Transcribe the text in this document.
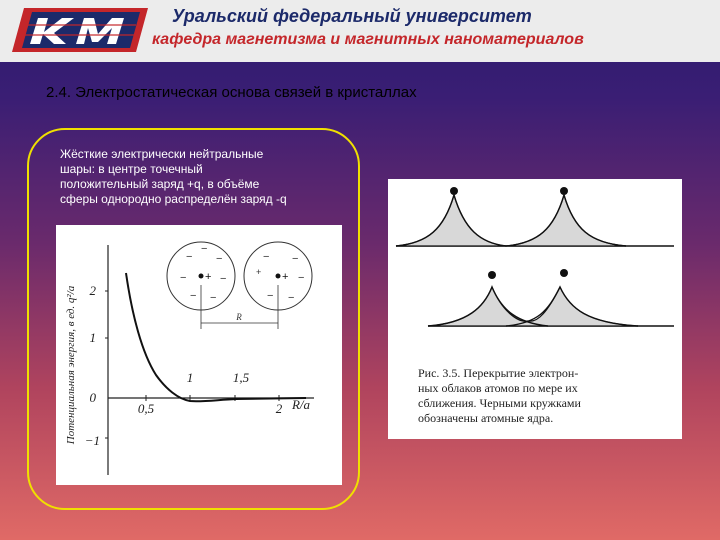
Уральский федеральный университет
кафедра магнетизма и магнитных наноматериалов
2.4. Электростатическая основа связей в кристаллах
Жёсткие электрически нейтральные
шары: в центре точечный
положительный заряд +q, в объёме
сферы однородно распределён заряд -q
Потенциальная энергия, в ед. q²/a 2
1
0
−1
0,5
1	1,5
2 R/a
+
− −
−	−
− −
−
+
+
− −
−
− −
R
Рис. 3.5. Перекрытие электрон-
ных облаков атомов по мере их
сближения. Черными кружками
обозначены атомные ядра.
